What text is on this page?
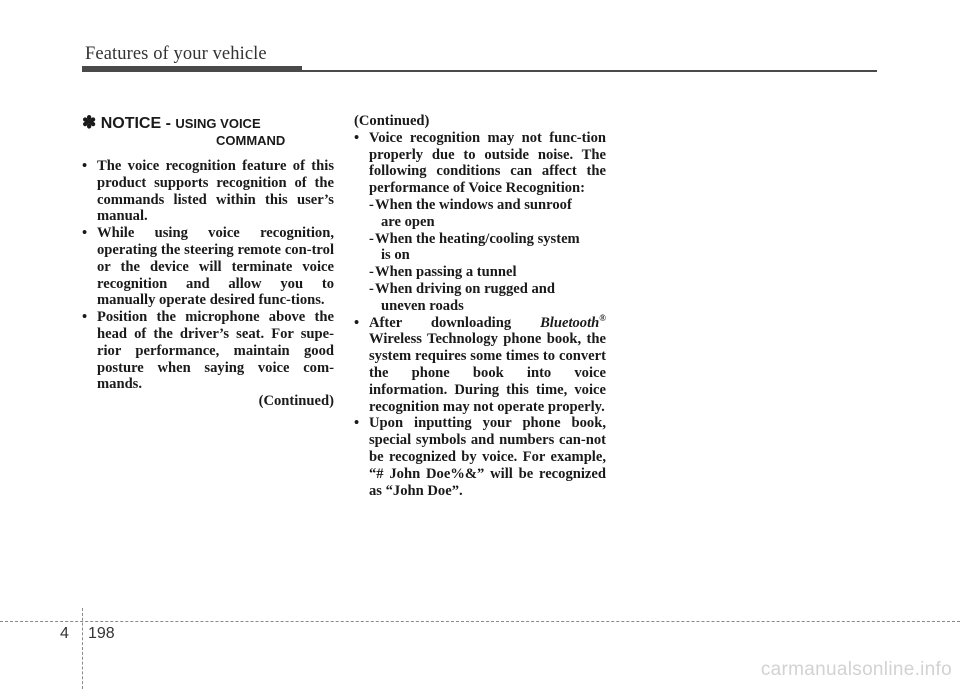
Features of your vehicle
✽ NOTICE - USING VOICE
COMMAND
• The voice recognition feature of this product supports recognition of the commands listed within this user’s manual.
• While using voice recognition, operating the steering remote con-trol or the device will terminate voice recognition and allow you to manually operate desired func-tions.
• Position the microphone above the head of the driver’s seat. For supe-rior performance, maintain good posture when saying voice com-mands.
(Continued)
(Continued)
• Voice recognition may not func-tion properly due to outside noise. The following conditions can affect the performance of Voice Recognition:
- When the windows and sunroof
are open
- When the heating/cooling system
is on
- When passing a tunnel
- When driving on rugged and
uneven roads
• After downloading Bluetooth® Wireless Technology phone book, the system requires some times to convert the phone book into voice information. During this time, voice recognition may not operate properly.
• Upon inputting your phone book, special symbols and numbers can-not be recognized by voice. For example, “# John Doe%&” will be recognized as “John Doe”.
4 198
carmanualsonline.info
